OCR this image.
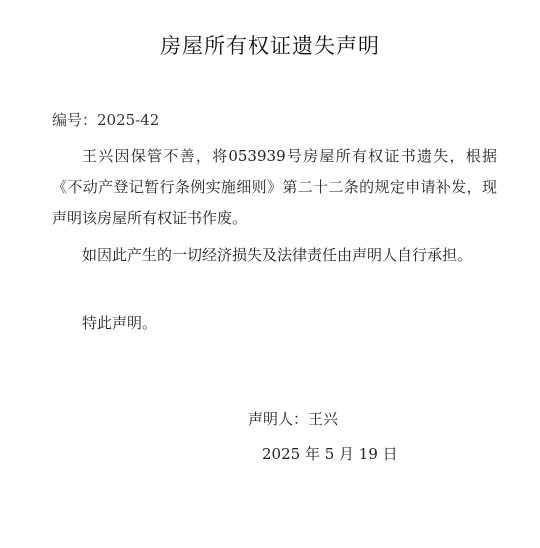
房屋所有权证遗失声明
编号：2025-42

王兴因保管不善，将053939号房屋所有权证书遗失，根据《不动产登记暂行条例实施细则》第二十二条的规定申请补发，现声明该房屋所有权证书作废。

如因此产生的一切经济损失及法律责任由声明人自行承担。

特此声明。

声明人：王兴
2025 年 5 月 19 日
